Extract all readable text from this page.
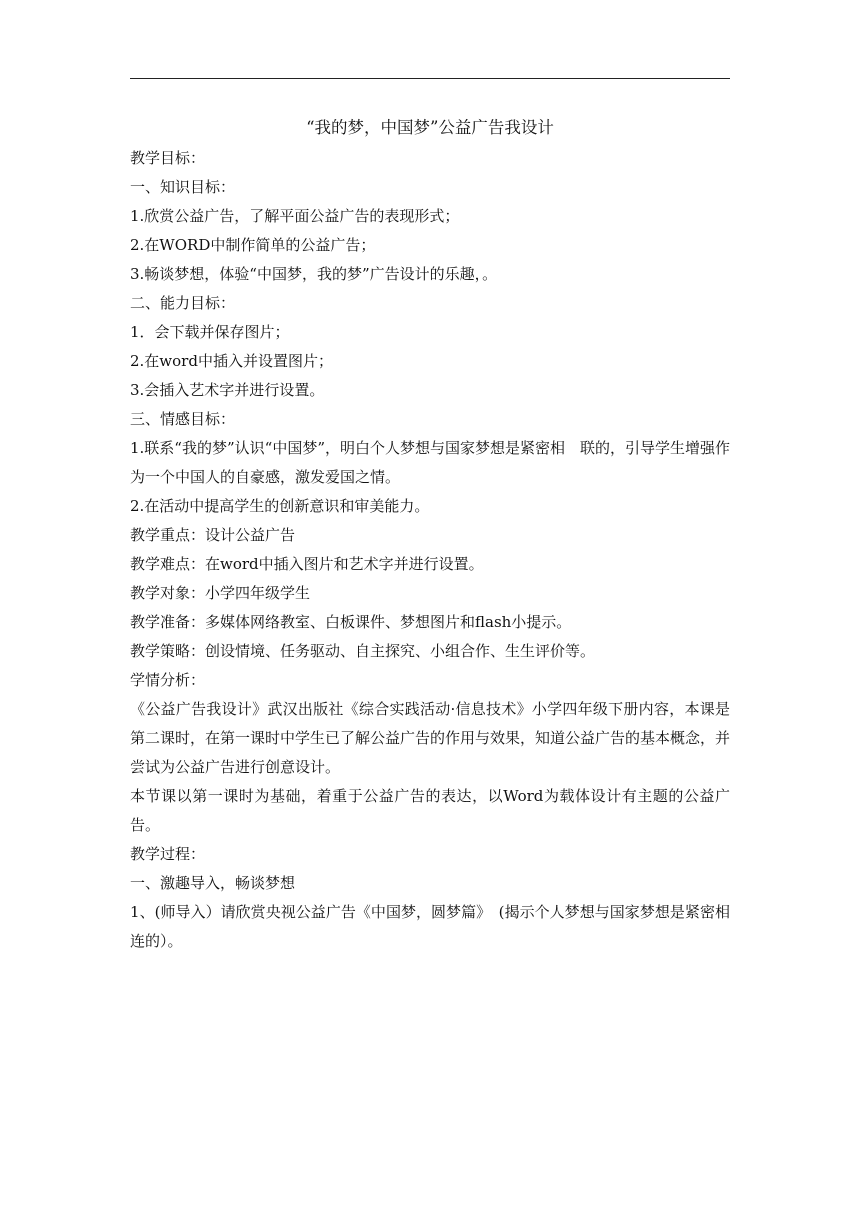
“我的梦，中国梦”公益广告我设计
教学目标：
一、知识目标：
1.欣赏公益广告，了解平面公益广告的表现形式；
2.在WORD中制作简单的公益广告；
3.畅谈梦想，体验“中国梦，我的梦”广告设计的乐趣，。
二、能力目标：
1．会下载并保存图片；
2.在word中插入并设置图片；
3.会插入艺术字并进行设置。
三、情感目标：
1.联系“我的梦”认识“中国梦”，明白个人梦想与国家梦想是紧密相　联的，引导学生增强作为一个中国人的自豪感，激发爱国之情。
2.在活动中提高学生的创新意识和审美能力。
教学重点：设计公益广告
教学难点：在word中插入图片和艺术字并进行设置。
教学对象：小学四年级学生
教学准备：多媒体网络教室、白板课件、梦想图片和flash小提示。
教学策略：创设情境、任务驱动、自主探究、小组合作、生生评价等。
学情分析：
《公益广告我设计》武汉出版社《综合实践活动·信息技术》小学四年级下册内容，本课是第二课时，在第一课时中学生已了解公益广告的作用与效果，知道公益广告的基本概念，并尝试为公益广告进行创意设计。
本节课以第一课时为基础，着重于公益广告的表达，以Word为载体设计有主题的公益广告。
教学过程：
一、激趣导入，畅谈梦想
1、(师导入）请欣赏央视公益广告《中国梦，圆梦篇》　(揭示个人梦想与国家梦想是紧密相连的）。
